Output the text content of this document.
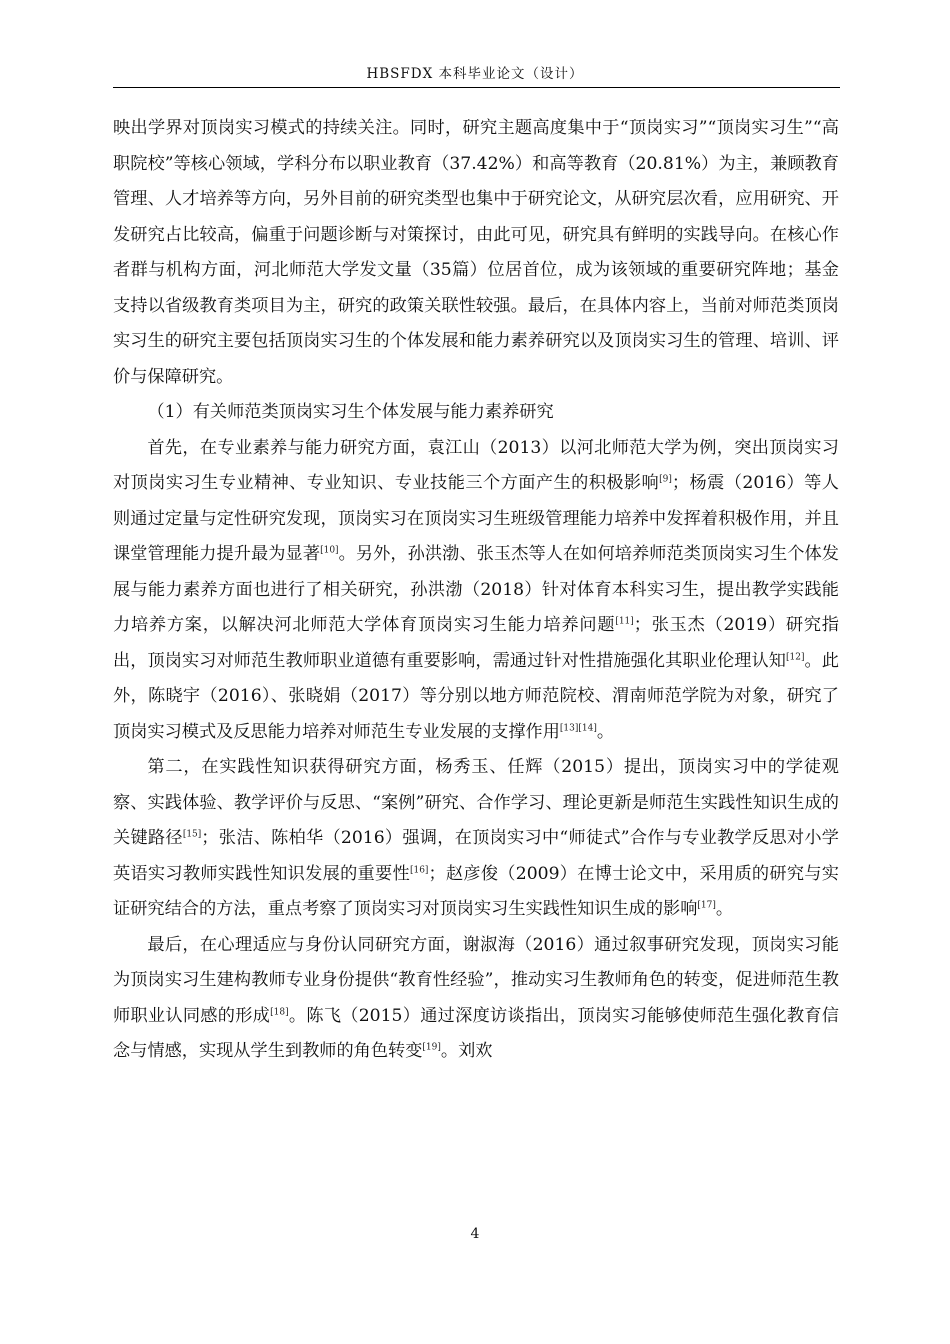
HBSFDX 本科毕业论文（设计）

映出学界对顶岗实习模式的持续关注。同时，研究主题高度集中于“顶岗实习”“顶岗实习生”“高职院校”等核心领域，学科分布以职业教育（37.42%）和高等教育（20.81%）为主，兼顾教育管理、人才培养等方向，另外目前的研究类型也集中于研究论文，从研究层次看，应用研究、开发研究占比较高，偏重于问题诊断与对策探讨，由此可见，研究具有鲜明的实践导向。在核心作者群与机构方面，河北师范大学发文量（35篇）位居首位，成为该领域的重要研究阵地；基金支持以省级教育类项目为主，研究的政策关联性较强。最后，在具体内容上，当前对师范类顶岗实习生的研究主要包括顶岗实习生的个体发展和能力素养研究以及顶岗实习生的管理、培训、评价与保障研究。

（1）有关师范类顶岗实习生个体发展与能力素养研究

首先，在专业素养与能力研究方面，袁江山（2013）以河北师范大学为例，突出顶岗实习对顶岗实习生专业精神、专业知识、专业技能三个方面产生的积极影响[9]；杨震（2016）等人则通过定量与定性研究发现，顶岗实习在顶岗实习生班级管理能力培养中发挥着积极作用，并且课堂管理能力提升最为显著[10]。另外，孙洪渤、张玉杰等人在如何培养师范类顶岗实习生个体发展与能力素养方面也进行了相关研究，孙洪渤（2018）针对体育本科实习生，提出教学实践能力培养方案，以解决河北师范大学体育顶岗实习生能力培养问题[11]；张玉杰（2019）研究指出，顶岗实习对师范生教师职业道德有重要影响，需通过针对性措施强化其职业伦理认知[12]。此外，陈晓宇（2016）、张晓娟（2017）等分别以地方师范院校、渭南师范学院为对象，研究了顶岗实习模式及反思能力培养对师范生专业发展的支撑作用[13][14]。

第二，在实践性知识获得研究方面，杨秀玉、任辉（2015）提出，顶岗实习中的学徒观察、实践体验、教学评价与反思、“案例”研究、合作学习、理论更新是师范生实践性知识生成的关键路径[15]；张洁、陈柏华（2016）强调，在顶岗实习中“师徒式”合作与专业教学反思对小学英语实习教师实践性知识发展的重要性[16]；赵彦俊（2009）在博士论文中，采用质的研究与实证研究结合的方法，重点考察了顶岗实习对顶岗实习生实践性知识生成的影响[17]。

最后，在心理适应与身份认同研究方面，谢淑海（2016）通过叙事研究发现，顶岗实习能为顶岗实习生建构教师专业身份提供“教育性经验”，推动实习生教师角色的转变，促进师范生教师职业认同感的形成[18]。陈飞（2015）通过深度访谈指出，顶岗实习能够使师范生强化教育信念与情感，实现从学生到教师的角色转变[19]。刘欢

4
